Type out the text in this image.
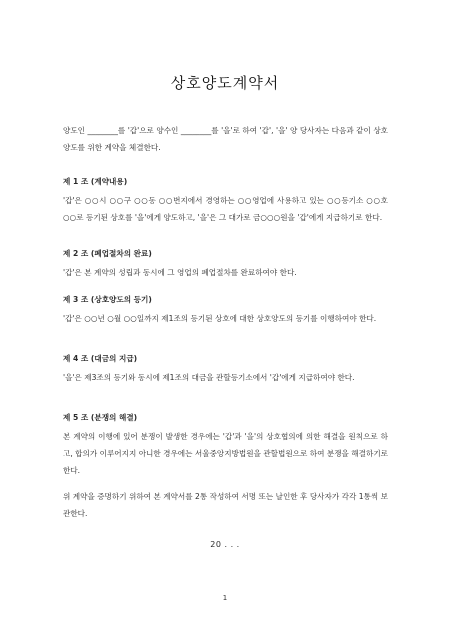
상호양도계약서
양도인 ________를 '갑'으로 양수인 ________를 '을'로 하여 '갑', '을' 양 당사자는 다음과 같이 상호양도를 위한 계약을 체결한다.
제 1 조 (계약내용)
'갑'은 ○○시 ○○구 ○○동 ○○번지에서 경영하는 ○○영업에 사용하고 있는 ○○등기소 ○○호 ○○로 등기된 상호를 '을'에게 양도하고, '을'은 그 대가로 금○○○원을 '갑'에게 지급하기로 한다.
제 2 조 (폐업절차의 완료)
'갑'은 본 계약의 성립과 동시에 그 영업의 폐업절차를 완료하여야 한다.
제 3 조 (상호양도의 등기)
'갑'은 ○○년 ○월 ○○일까지 제1조의 등기된 상호에 대한 상호양도의 등기를 이행하여야 한다.
제 4 조 (대금의 지급)
'을'은 제3조의 등기와 동시에 제1조의 대금을 관할등기소에서 '갑'에게 지급하여야 한다.
제 5 조 (분쟁의 해결)
본 계약의 이행에 있어 분쟁이 발생한 경우에는 '갑'과 '을'의 상호협의에 의한 해결을 원칙으로 하고, 합의가 이루어지지 아니한 경우에는 서울중앙지방법원을 관할법원으로 하여 분쟁을 해결하기로 한다.
위 계약을 증명하기 위하여 본 계약서를 2통 작성하여 서명 또는 날인한 후 당사자가 각각 1통씩 보관한다.
20 . . .
1
